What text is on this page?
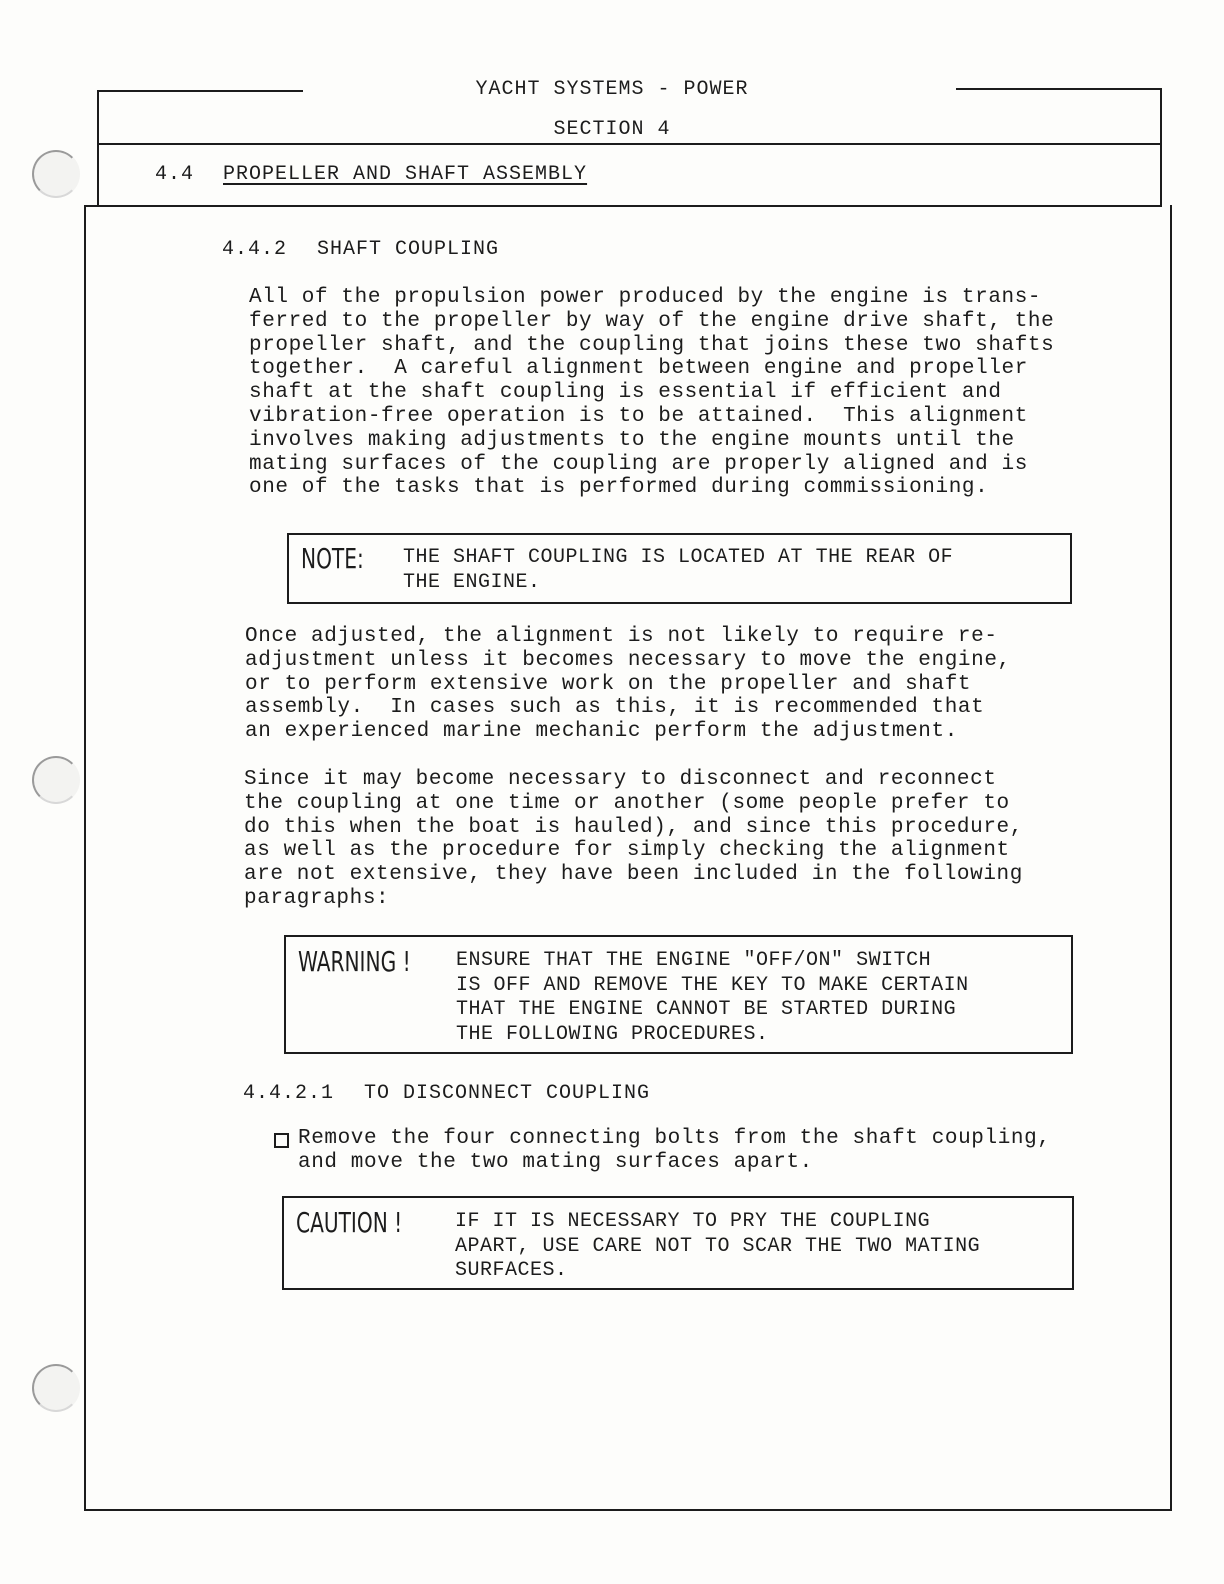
YACHT SYSTEMS - POWER
SECTION 4
4.4 PROPELLER AND SHAFT ASSEMBLY
4.4.2 SHAFT COUPLING
All of the propulsion power produced by the engine is trans-
ferred to the propeller by way of the engine drive shaft, the
propeller shaft, and the coupling that joins these two shafts
together.  A careful alignment between engine and propeller
shaft at the shaft coupling is essential if efficient and
vibration-free operation is to be attained.  This alignment
involves making adjustments to the engine mounts until the
mating surfaces of the coupling are properly aligned and is
one of the tasks that is performed during commissioning.
NOTE: THE SHAFT COUPLING IS LOCATED AT THE REAR OF
THE ENGINE.
Once adjusted, the alignment is not likely to require re-
adjustment unless it becomes necessary to move the engine,
or to perform extensive work on the propeller and shaft
assembly.  In cases such as this, it is recommended that
an experienced marine mechanic perform the adjustment.
Since it may become necessary to disconnect and reconnect
the coupling at one time or another (some people prefer to
do this when the boat is hauled), and since this procedure,
as well as the procedure for simply checking the alignment
are not extensive, they have been included in the following
paragraphs:
WARNING ! ENSURE THAT THE ENGINE "OFF/ON" SWITCH
IS OFF AND REMOVE THE KEY TO MAKE CERTAIN
THAT THE ENGINE CANNOT BE STARTED DURING
THE FOLLOWING PROCEDURES.
4.4.2.1 TO DISCONNECT COUPLING
Remove the four connecting bolts from the shaft coupling,
and move the two mating surfaces apart.
CAUTION !	IF IT IS NECESSARY TO PRY THE COUPLING
APART, USE CARE NOT TO SCAR THE TWO MATING
SURFACES.
